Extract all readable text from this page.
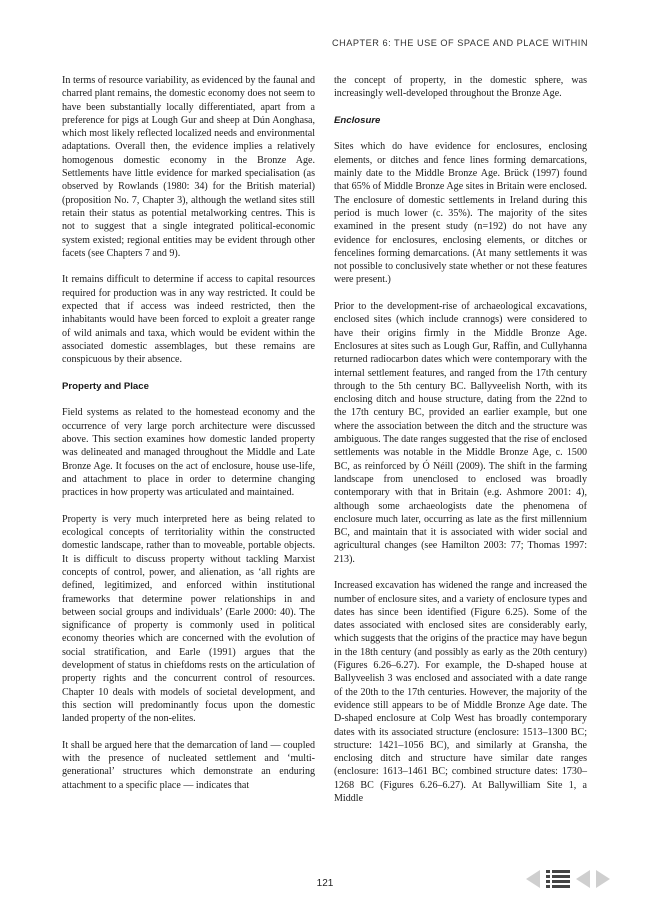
CHAPTER 6: THE USE OF SPACE AND PLACE WITHIN

In terms of resource variability, as evidenced by the faunal and charred plant remains, the domestic economy does not seem to have been substantially locally differentiated, apart from a preference for pigs at Lough Gur and sheep at Dún Aonghasa, which most likely reflected localized needs and environmental adaptations. Overall then, the evidence implies a relatively homogenous domestic economy in the Bronze Age. Settlements have little evidence for marked specialisation (as observed by Rowlands (1980: 34) for the British material) (proposition No. 7, Chapter 3), although the wetland sites still retain their status as potential metalworking centres. This is not to suggest that a single integrated political-economic system existed; regional entities may be evident through other facets (see Chapters 7 and 9).

It remains difficult to determine if access to capital resources required for production was in any way restricted. It could be expected that if access was indeed restricted, then the inhabitants would have been forced to exploit a greater range of wild animals and taxa, which would be evident within the associated domestic assemblages, but these remains are conspicuous by their absence.

Property and Place

Field systems as related to the homestead economy and the occurrence of very large porch architecture were discussed above. This section examines how domestic landed property was delineated and managed throughout the Middle and Late Bronze Age. It focuses on the act of enclosure, house use-life, and attachment to place in order to determine changing practices in how property was articulated and maintained.

Property is very much interpreted here as being related to ecological concepts of territoriality within the constructed domestic landscape, rather than to moveable, portable objects. It is difficult to discuss property without tackling Marxist concepts of control, power, and alienation, as ‘all rights are defined, legitimized, and enforced within institutional frameworks that determine power relationships in and between social groups and individuals’ (Earle 2000: 40). The significance of property is commonly used in political economy theories which are concerned with the evolution of social stratification, and Earle (1991) argues that the development of status in chiefdoms rests on the articulation of property rights and the concurrent control of resources. Chapter 10 deals with models of societal development, and this section will predominantly focus upon the domestic landed property of the non-elites.

It shall be argued here that the demarcation of land — coupled with the presence of nucleated settlement and ‘multi-generational’ structures which demonstrate an enduring attachment to a specific place — indicates that

the concept of property, in the domestic sphere, was increasingly well-developed throughout the Bronze Age.

Enclosure

Sites which do have evidence for enclosures, enclosing elements, or ditches and fence lines forming demarcations, mainly date to the Middle Bronze Age. Brück (1997) found that 65% of Middle Bronze Age sites in Britain were enclosed. The enclosure of domestic settlements in Ireland during this period is much lower (c. 35%). The majority of the sites examined in the present study (n=192) do not have any evidence for enclosures, enclosing elements, or ditches or fencelines forming demarcations. (At many settlements it was not possible to conclusively state whether or not these features were present.)

Prior to the development-rise of archaeological excavations, enclosed sites (which include crannogs) were considered to have their origins firmly in the Middle Bronze Age. Enclosures at sites such as Lough Gur, Raffin, and Cullyhanna returned radiocarbon dates which were contemporary with the internal settlement features, and ranged from the 17th century through to the 5th century BC. Ballyveelish North, with its enclosing ditch and house structure, dating from the 22nd to the 17th century BC, provided an earlier example, but one where the association between the ditch and the structure was ambiguous. The date ranges suggested that the rise of enclosed settlements was notable in the Middle Bronze Age, c. 1500 BC, as reinforced by Ó Néill (2009). The shift in the farming landscape from unenclosed to enclosed was broadly contemporary with that in Britain (e.g. Ashmore 2001: 4), although some archaeologists date the phenomena of enclosure much later, occurring as late as the first millennium BC, and maintain that it is associated with wider social and agricultural changes (see Hamilton 2003: 77; Thomas 1997: 213).

Increased excavation has widened the range and increased the number of enclosure sites, and a variety of enclosure types and dates has since been identified (Figure 6.25). Some of the dates associated with enclosed sites are considerably early, which suggests that the origins of the practice may have begun in the 18th century (and possibly as early as the 20th century) (Figures 6.26–6.27). For example, the D-shaped house at Ballyveelish 3 was enclosed and associated with a date range of the 20th to the 17th centuries. However, the majority of the evidence still appears to be of Middle Bronze Age date. The D-shaped enclosure at Colp West has broadly contemporary dates with its associated structure (enclosure: 1513–1300 BC; structure: 1421–1056 BC), and similarly at Gransha, the enclosing ditch and structure have similar date ranges (enclosure: 1613–1461 BC; combined structure dates: 1730–1268 BC (Figures 6.26–6.27). At Ballywilliam Site 1, a Middle

121
